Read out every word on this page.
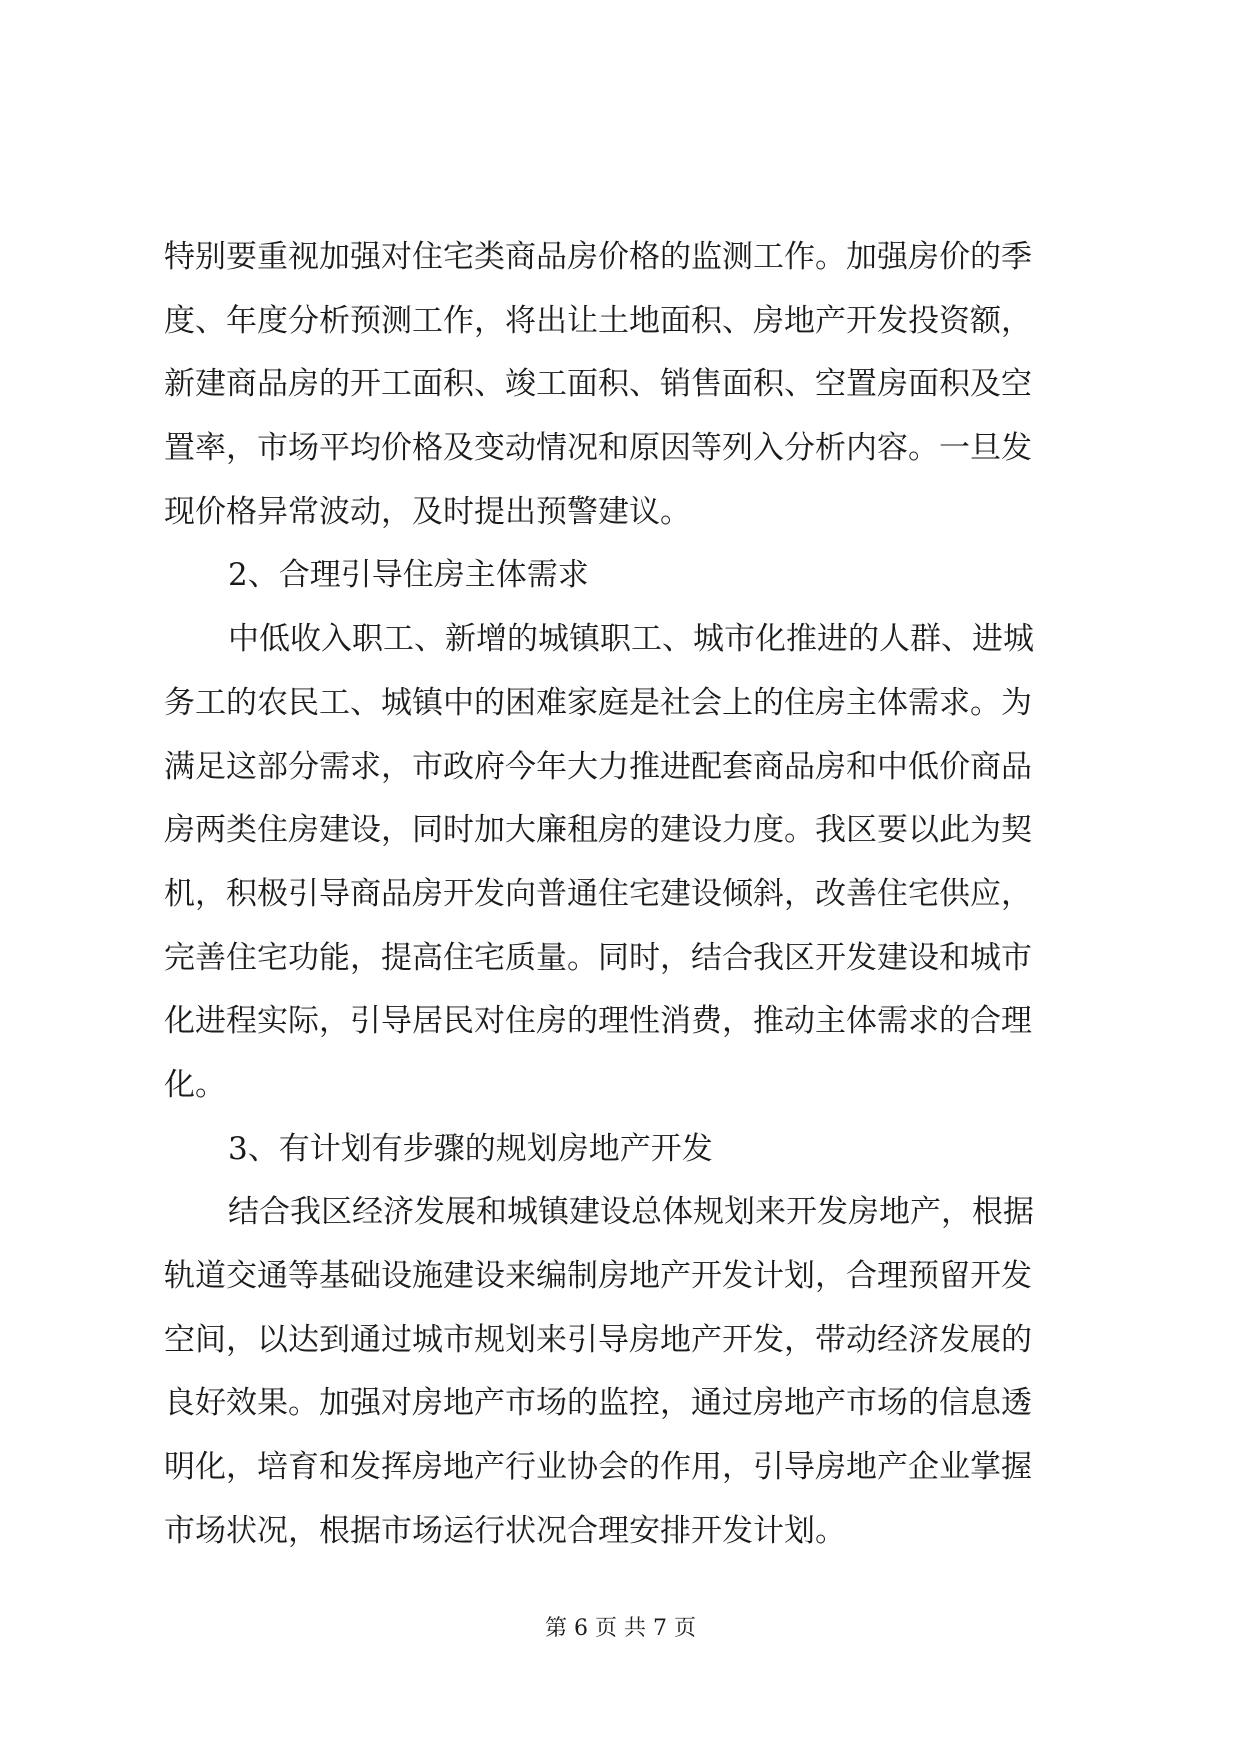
特别要重视加强对住宅类商品房价格的监测工作。加强房价的季
度、年度分析预测工作，将出让土地面积、房地产开发投资额，
新建商品房的开工面积、竣工面积、销售面积、空置房面积及空
置率，市场平均价格及变动情况和原因等列入分析内容。一旦发
现价格异常波动，及时提出预警建议。
2、合理引导住房主体需求
中低收入职工、新增的城镇职工、城市化推进的人群、进城
务工的农民工、城镇中的困难家庭是社会上的住房主体需求。为
满足这部分需求，市政府今年大力推进配套商品房和中低价商品
房两类住房建设，同时加大廉租房的建设力度。我区要以此为契
机，积极引导商品房开发向普通住宅建设倾斜，改善住宅供应，
完善住宅功能，提高住宅质量。同时，结合我区开发建设和城市
化进程实际，引导居民对住房的理性消费，推动主体需求的合理
化。
3、有计划有步骤的规划房地产开发
结合我区经济发展和城镇建设总体规划来开发房地产，根据
轨道交通等基础设施建设来编制房地产开发计划，合理预留开发
空间，以达到通过城市规划来引导房地产开发，带动经济发展的
良好效果。加强对房地产市场的监控，通过房地产市场的信息透
明化，培育和发挥房地产行业协会的作用，引导房地产企业掌握
市场状况，根据市场运行状况合理安排开发计划。
第 6 页 共 7 页
